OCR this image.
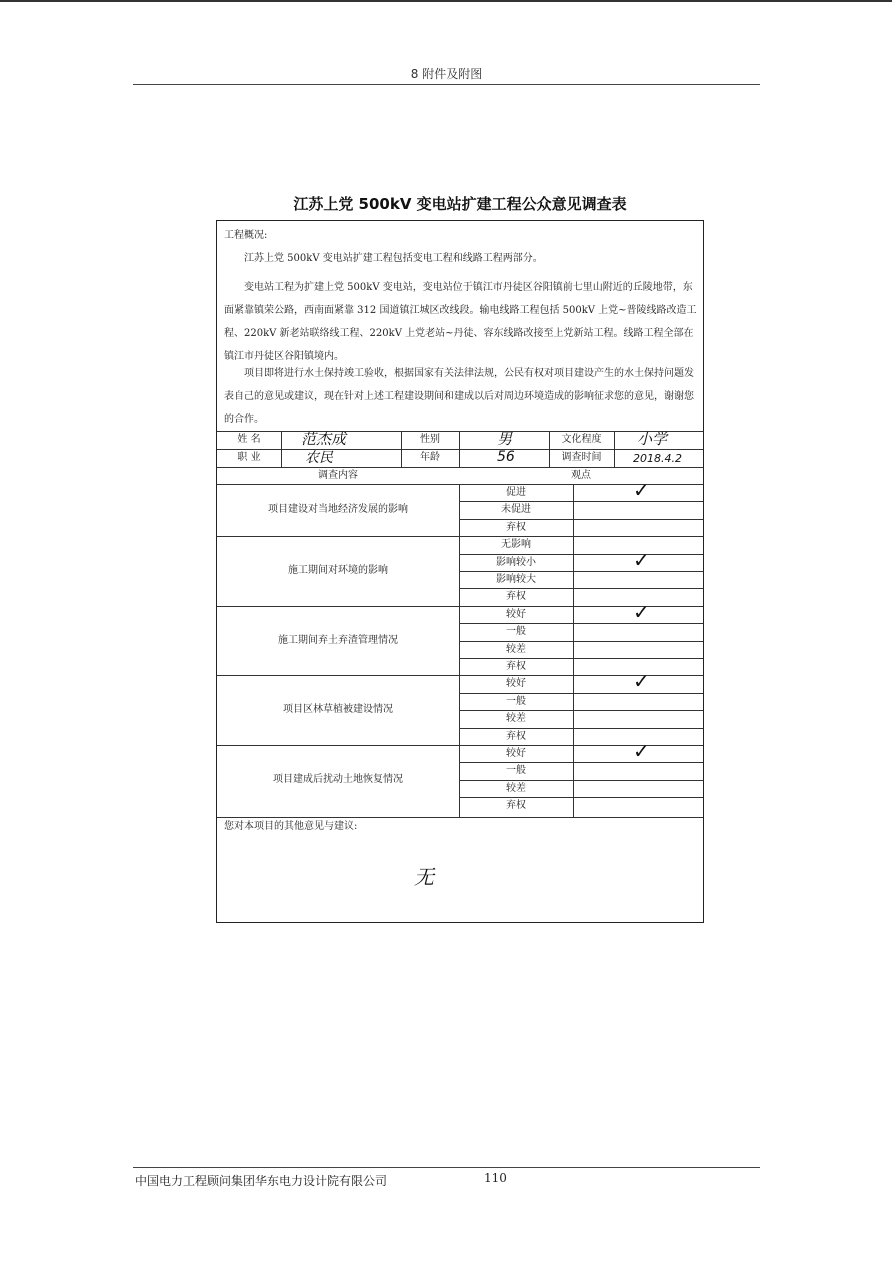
8 附件及附图
江苏上党 500kV 变电站扩建工程公众意见调查表
工程概况:
江苏上党 500kV 变电站扩建工程包括变电工程和线路工程两部分。
变电站工程为扩建上党 500kV 变电站，变电站位于镇江市丹徒区谷阳镇前七里山附近的丘陵地带，东面紧靠镇荣公路，西南面紧靠 312 国道镇江城区改线段。输电线路工程包括 500kV 上党~普陵线路改造工程、220kV 新老站联络线工程、220kV 上党老站~丹徒、容东线路改接至上党新站工程。线路工程全部在镇江市丹徒区谷阳镇境内。
项目即将进行水土保持竣工验收，根据国家有关法律法规，公民有权对项目建设产生的水土保持问题发表自己的意见或建议，现在针对上述工程建设期间和建成以后对周边环境造成的影响征求您的意见，谢谢您的合作。
姓 名	范杰成	性别	男	文化程度	小学
职 业	农民	年龄	56	调查时间	2018.4.2
调查内容	观点
项目建设对当地经济发展的影响
促进	✓
未促进
弃权
施工期间对环境的影响
无影响
影响较小	✓
影响较大
弃权
施工期间弃土弃渣管理情况
较好	✓
一般
较差
弃权
项目区林草植被建设情况
较好	✓
一般
较差
弃权
项目建成后扰动土地恢复情况
较好	✓
一般
较差
弃权
您对本项目的其他意见与建议:
无
中国电力工程顾问集团华东电力设计院有限公司	110
